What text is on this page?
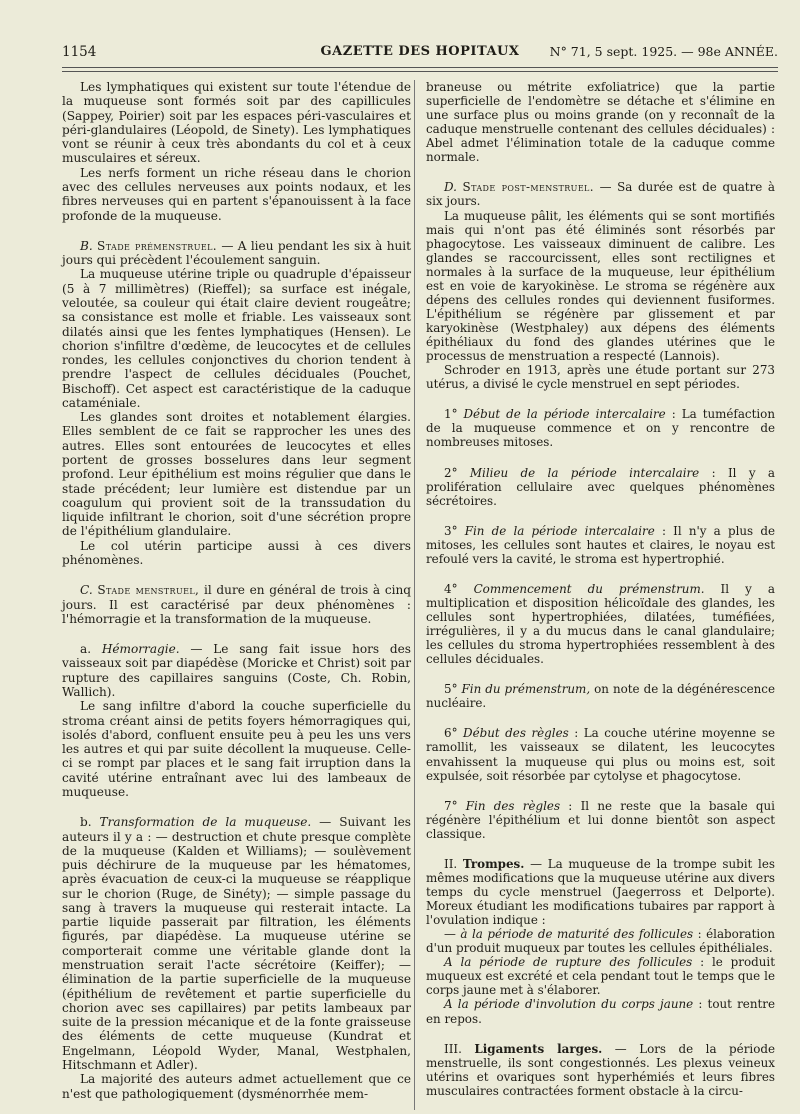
1154	GAZETTE DES HOPITAUX	N° 71, 5 sept. 1925. — 98e ANNÉE.

Les lymphatiques qui existent sur toute l'étendue de la muqueuse sont formés soit par des capillicules (Sappey, Poirier) soit par les espaces péri-vasculaires et péri-glandulaires (Léopold, de Sinety). Les lymphatiques vont se réunir à ceux très abondants du col et à ceux musculaires et séreux.

Les nerfs forment un riche réseau dans le chorion avec des cellules nerveuses aux points nodaux, et les fibres nerveuses qui en partent s'épanouissent à la face profonde de la muqueuse.

B. Stade prémenstruel. — A lieu pendant les six à huit jours qui précèdent l'écoulement sanguin.

La muqueuse utérine triple ou quadruple d'épaisseur (5 à 7 millimètres) (Rieffel); sa surface est inégale, veloutée, sa couleur qui était claire devient rougeâtre; sa consistance est molle et friable. Les vaisseaux sont dilatés ainsi que les fentes lymphatiques (Hensen). Le chorion s'infiltre d'œdème, de leucocytes et de cellules rondes, les cellules conjonctives du chorion tendent à prendre l'aspect de cellules déciduales (Pouchet, Bischoff). Cet aspect est caractéristique de la caduque cataméniale.

Les glandes sont droites et notablement élargies. Elles semblent de ce fait se rapprocher les unes des autres. Elles sont entourées de leucocytes et elles portent de grosses bosselures dans leur segment profond. Leur épithélium est moins régulier que dans le stade précédent; leur lumière est distendue par un coagulum qui provient soit de la transsudation du liquide infiltrant le chorion, soit d'une sécrétion propre de l'épithélium glandulaire.

Le col utérin participe aussi à ces divers phénomènes.

C. Stade menstruel, il dure en général de trois à cinq jours. Il est caractérisé par deux phénomènes : l'hémorragie et la transformation de la muqueuse.

a. Hémorragie. — Le sang fait issue hors des vaisseaux soit par diapédèse (Moricke et Christ) soit par rupture des capillaires sanguins (Coste, Ch. Robin, Wallich).

Le sang infiltre d'abord la couche superficielle du stroma créant ainsi de petits foyers hémorragiques qui, isolés d'abord, confluent ensuite peu à peu les uns vers les autres et qui par suite décollent la muqueuse. Celle-ci se rompt par places et le sang fait irruption dans la cavité utérine entraînant avec lui des lambeaux de muqueuse.

b. Transformation de la muqueuse. — Suivant les auteurs il y a : — destruction et chute presque complète de la muqueuse (Kalden et Williams); — soulèvement puis déchirure de la muqueuse par les hématomes, après évacuation de ceux-ci la muqueuse se réapplique sur le chorion (Ruge, de Sinéty); — simple passage du sang à travers la muqueuse qui resterait intacte. La partie liquide passerait par filtration, les éléments figurés, par diapédèse. La muqueuse utérine se comporterait comme une véritable glande dont la menstruation serait l'acte sécrétoire (Keiffer); — élimination de la partie superficielle de la muqueuse (épithélium de revêtement et partie superficielle du chorion avec ses capillaires) par petits lambeaux par suite de la pression mécanique et de la fonte graisseuse des éléments de cette muqueuse (Kundrat et Engelmann, Léopold Wyder, Manal, Westphalen, Hitschmann et Adler).

La majorité des auteurs admet actuellement que ce n'est que pathologiquement (dysménorrhée mem-

braneuse ou métrite exfoliatrice) que la partie superficielle de l'endomètre se détache et s'élimine en une surface plus ou moins grande (on y reconnaît de la caduque menstruelle contenant des cellules déciduales) : Abel admet l'élimination totale de la caduque comme normale.

D. Stade post-menstruel. — Sa durée est de quatre à six jours.

La muqueuse pâlit, les éléments qui se sont mortifiés mais qui n'ont pas été éliminés sont résorbés par phagocytose. Les vaisseaux diminuent de calibre. Les glandes se raccourcissent, elles sont rectilignes et normales à la surface de la muqueuse, leur épithélium est en voie de karyokinèse. Le stroma se régénère aux dépens des cellules rondes qui deviennent fusiformes. L'épithélium se régénère par glissement et par karyokinèse (Westphaley) aux dépens des éléments épithéliaux du fond des glandes utérines que le processus de menstruation a respecté (Lannois).

Schroder en 1913, après une étude portant sur 273 utérus, a divisé le cycle menstruel en sept périodes.

1° Début de la période intercalaire : La tuméfaction de la muqueuse commence et on y rencontre de nombreuses mitoses.

2° Milieu de la période intercalaire : Il y a prolifération cellulaire avec quelques phénomènes sécrétoires.

3° Fin de la période intercalaire : Il n'y a plus de mitoses, les cellules sont hautes et claires, le noyau est refoulé vers la cavité, le stroma est hypertrophié.

4° Commencement du prémenstrum. Il y a multiplication et disposition hélicoïdale des glandes, les cellules sont hypertrophiées, dilatées, tuméfiées, irrégulières, il y a du mucus dans le canal glandulaire; les cellules du stroma hypertrophiées ressemblent à des cellules déciduales.

5° Fin du prémenstrum, on note de la dégénérescence nucléaire.

6° Début des règles : La couche utérine moyenne se ramollit, les vaisseaux se dilatent, les leucocytes envahissent la muqueuse qui plus ou moins est, soit expulsée, soit résorbée par cytolyse et phagocytose.

7° Fin des règles : Il ne reste que la basale qui régénère l'épithélium et lui donne bientôt son aspect classique.

II. Trompes. — La muqueuse de la trompe subit les mêmes modifications que la muqueuse utérine aux divers temps du cycle menstruel (Jaegerross et Delporte). Moreux étudiant les modifications tubaires par rapport à l'ovulation indique :

— à la période de maturité des follicules : élaboration d'un produit muqueux par toutes les cellules épithéliales.

A la période de rupture des follicules : le produit muqueux est excrété et cela pendant tout le temps que le corps jaune met à s'élaborer.

A la période d'involution du corps jaune : tout rentre en repos.

III. Ligaments larges. — Lors de la période menstruelle, ils sont congestionnés. Les plexus veineux utérins et ovariques sont hyperhémiés et leurs fibres musculaires contractées forment obstacle à la circu-
